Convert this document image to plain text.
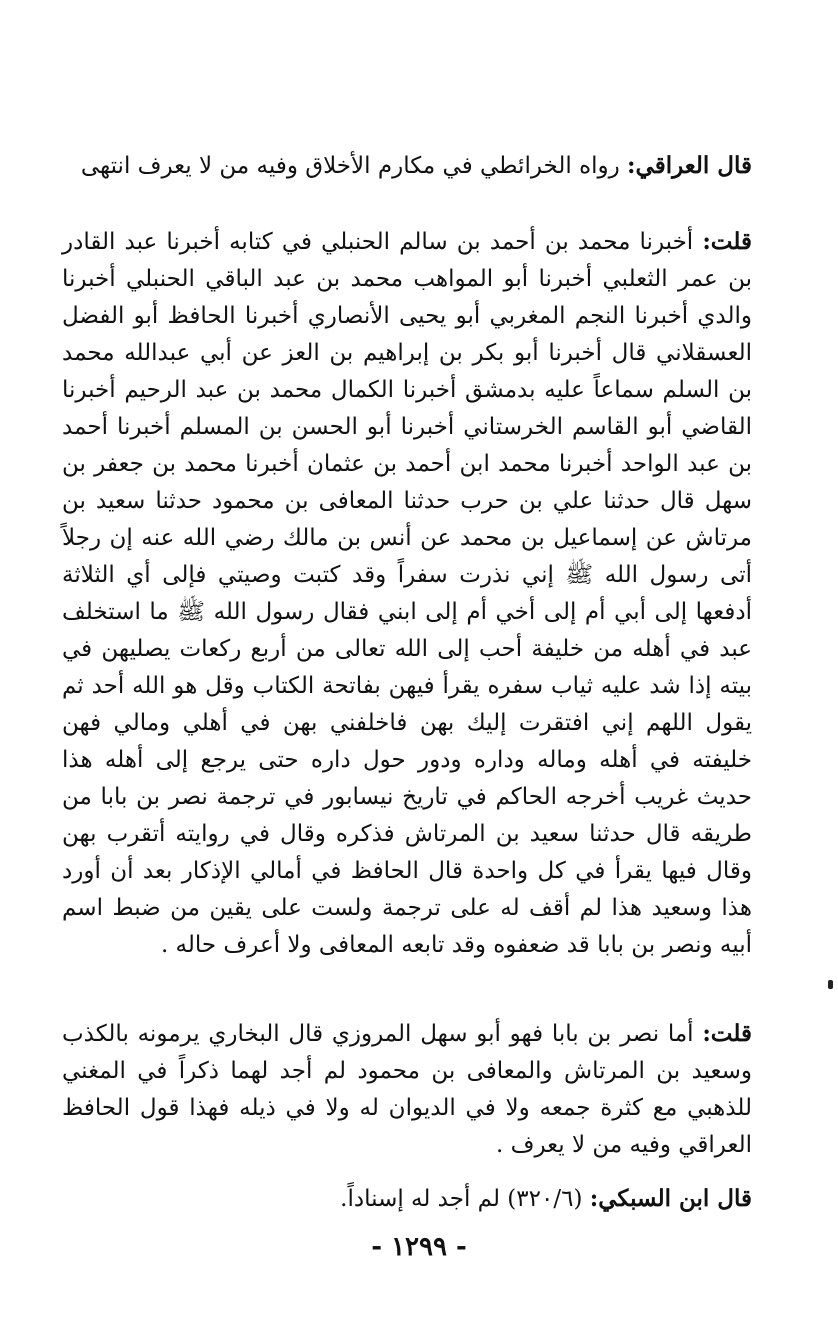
قال العراقي: رواه الخرائطي في مكارم الأخلاق وفيه من لا يعرف انتهى

قلت: أخبرنا محمد بن أحمد بن سالم الحنبلي في كتابه أخبرنا عبد القادر بن عمر الثعلبي أخبرنا أبو المواهب محمد بن عبد الباقي الحنبلي أخبرنا والدي أخبرنا النجم المغربي أبو يحيى الأنصاري أخبرنا الحافظ أبو الفضل العسقلاني قال أخبرنا أبو بكر بن إبراهيم بن العز عن أبي عبدالله محمد بن السلم سماعاً عليه بدمشق أخبرنا الكمال محمد بن عبد الرحيم أخبرنا القاضي أبو القاسم الخرستاني أخبرنا أبو الحسن بن المسلم أخبرنا أحمد بن عبد الواحد أخبرنا محمد ابن أحمد بن عثمان أخبرنا محمد بن جعفر بن سهل قال حدثنا علي بن حرب حدثنا المعافى بن محمود حدثنا سعيد بن مرتاش عن إسماعيل بن محمد عن أنس بن مالك رضي الله عنه إن رجلاً أتى رسول الله ﷺ إني نذرت سفراً وقد كتبت وصيتي فإلى أي الثلاثة أدفعها إلى أبي أم إلى أخي أم إلى ابني فقال رسول الله ﷺ ما استخلف عبد في أهله من خليفة أحب إلى الله تعالى من أربع ركعات يصليهن في بيته إذا شد عليه ثياب سفره يقرأ فيهن بفاتحة الكتاب وقل هو الله أحد ثم يقول اللهم إني افتقرت إليك بهن فاخلفني بهن في أهلي ومالي فهن خليفته في أهله وماله وداره ودور حول داره حتى يرجع إلى أهله هذا حديث غريب أخرجه الحاكم في تاريخ نيسابور في ترجمة نصر بن بابا من طريقه قال حدثنا سعيد بن المرتاش فذكره وقال في روايته أتقرب بهن وقال فيها يقرأ في كل واحدة قال الحافظ في أمالي الإذكار بعد أن أورد هذا وسعيد هذا لم أقف له على ترجمة ولست على يقين من ضبط اسم أبيه ونصر بن بابا قد ضعفوه وقد تابعه المعافى ولا أعرف حاله .

قلت: أما نصر بن بابا فهو أبو سهل المروزي قال البخاري يرمونه بالكذب وسعيد بن المرتاش والمعافى بن محمود لم أجد لهما ذكراً في المغني للذهبي مع كثرة جمعه ولا في الديوان له ولا في ذيله فهذا قول الحافظ العراقي وفيه من لا يعرف .

قال ابن السبكي: (٣٢٠/٦) لم أجد له إسناداً.

- ١٢٩٩ -
